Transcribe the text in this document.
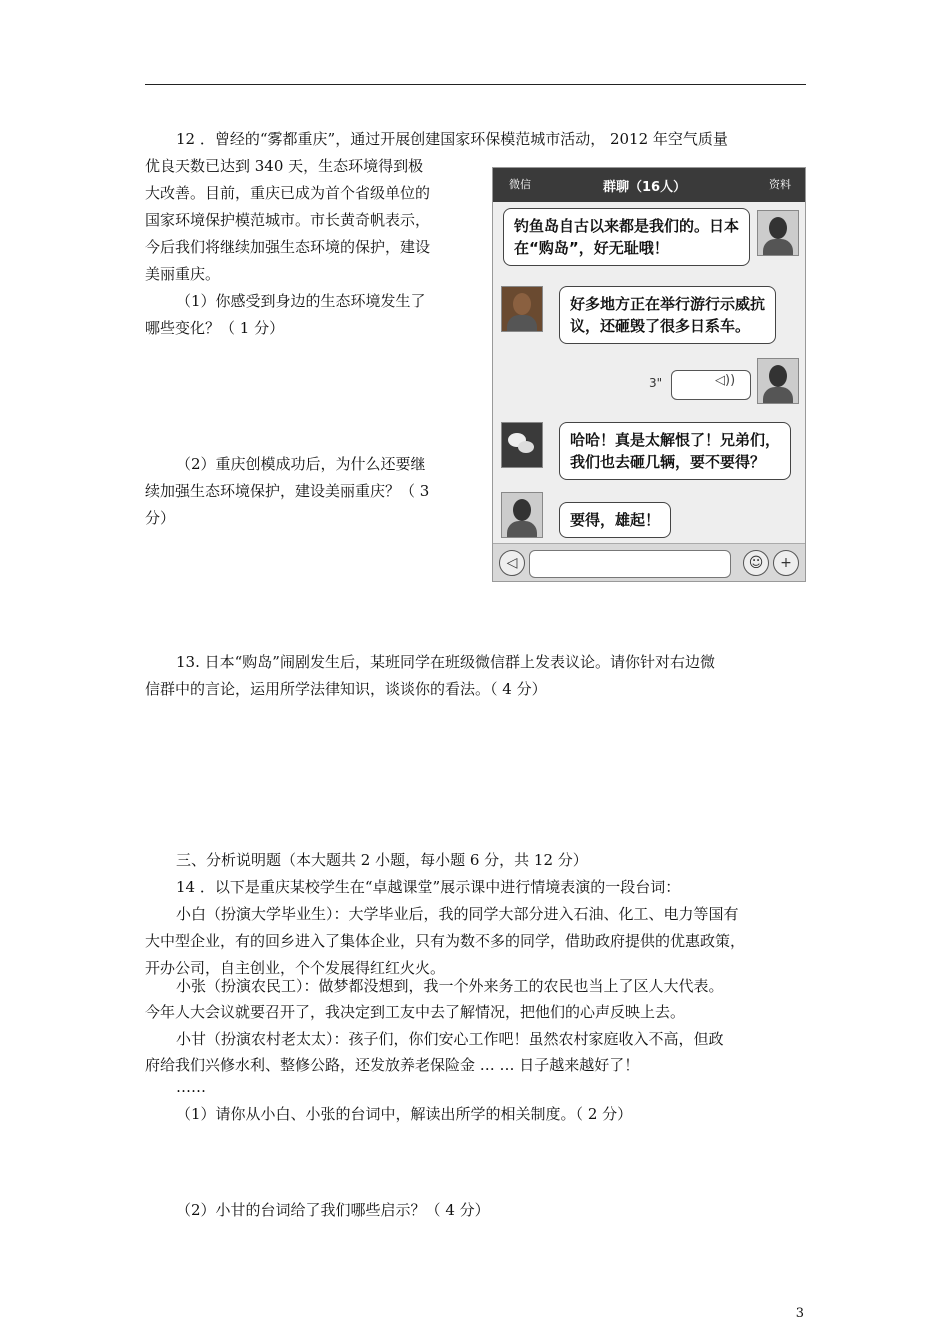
12 ．曾经的“雾都重庆”，通过开展创建国家环保模范城市活动， 2012 年空气质量
优良天数已达到 340 天，生态环境得到极
大改善。目前，重庆已成为首个省级单位的
国家环境保护模范城市。市长黄奇帆表示，
今后我们将继续加强生态环境的保护，建设
美丽重庆。
（1）你感受到身边的生态环境发生了
哪些变化？（ 1 分）
（2）重庆创模成功后，为什么还要继
续加强生态环境保护，建设美丽重庆？（ 3
分）
微信	群聊（16人）	资料
钓鱼岛自古以来都是我们的。日本
在“购岛”，好无耻哦！
好多地方正在举行游行示威抗
议，还砸毁了很多日系车。
3"	◁))
哈哈！真是太解恨了！兄弟们，
我们也去砸几辆，要不要得？
要得，雄起！
◁	☺	+
13. 日本“购岛”闹剧发生后，某班同学在班级微信群上发表议论。请你针对右边微
信群中的言论，运用所学法律知识，谈谈你的看法。（ 4 分）
三、分析说明题（本大题共 2 小题，每小题 6 分，共 12 分）
14 ．以下是重庆某校学生在“卓越课堂”展示课中进行情境表演的一段台词：
小白（扮演大学毕业生）：大学毕业后，我的同学大部分进入石油、化工、电力等国有
大中型企业，有的回乡进入了集体企业，只有为数不多的同学，借助政府提供的优惠政策，
开办公司，自主创业，个个发展得红红火火。
小张（扮演农民工）：做梦都没想到，我一个外来务工的农民也当上了区人大代表。
今年人大会议就要召开了，我决定到工友中去了解情况，把他们的心声反映上去。
小甘（扮演农村老太太）：孩子们，你们安心工作吧！虽然农村家庭收入不高，但政
府给我们兴修水利、整修公路，还发放养老保险金 … … 日子越来越好了！
……
（1）请你从小白、小张的台词中，解读出所学的相关制度。（ 2 分）
（2）小甘的台词给了我们哪些启示？（ 4 分）
3
